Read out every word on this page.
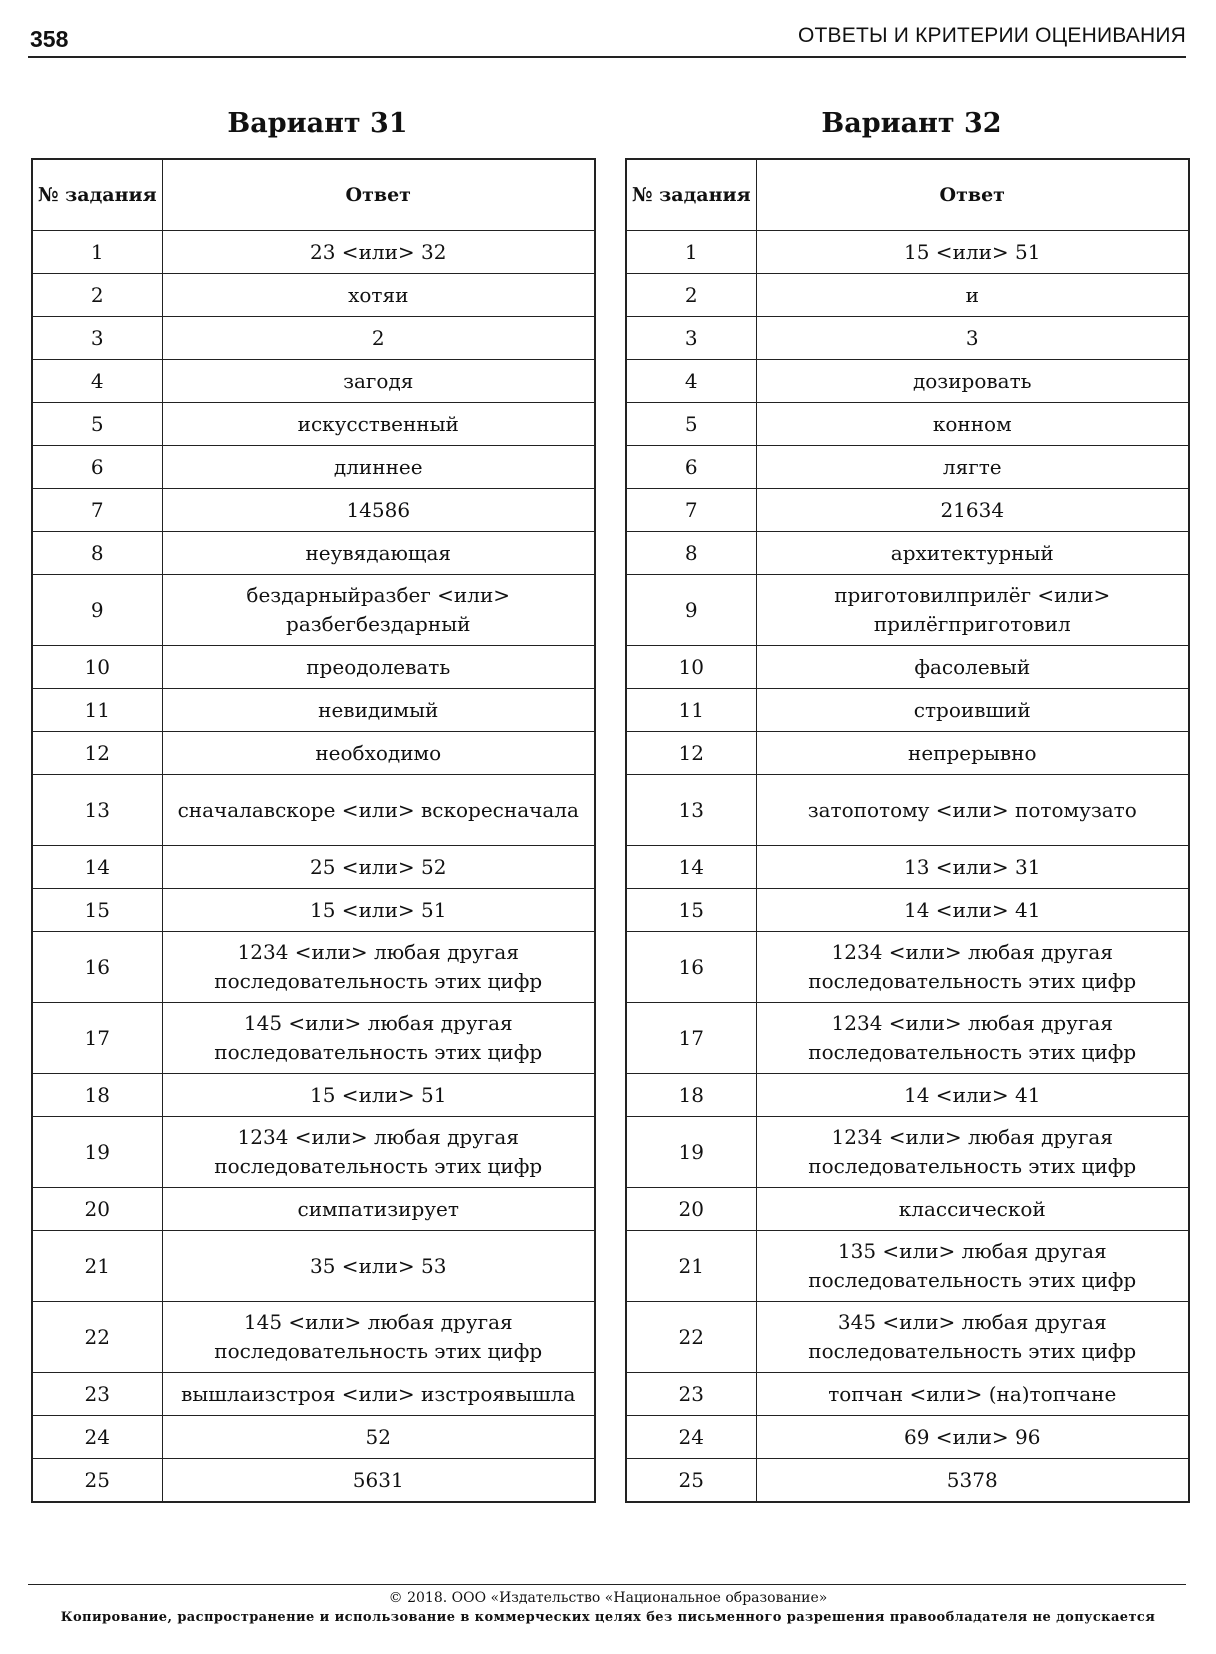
358	ОТВЕТЫ И КРИТЕРИИ ОЦЕНИВАНИЯ
Вариант 31
№ задания	Ответ
1	23 <или> 32
2	хотяи
3	2
4	загодя
5	искусственный
6	длиннее
7	14586
8	неувядающая
9	бездарныйразбег <или> разбегбездарный
10	преодолевать
11	невидимый
12	необходимо
13	сначалавскоре <или> вскоресначала
14	25 <или> 52
15	15 <или> 51
16	1234 <или> любая другая последовательность этих цифр
17	145 <или> любая другая последовательность этих цифр
18	15 <или> 51
19	1234 <или> любая другая последовательность этих цифр
20	симпатизирует
21	35 <или> 53
22	145 <или> любая другая последовательность этих цифр
23	вышлаизстроя <или> изстроявышла
24	52
25	5631
Вариант 32
№ задания	Ответ
1	15 <или> 51
2	и
3	3
4	дозировать
5	конном
6	лягте
7	21634
8	архитектурный
9	приготовилприлёг <или> прилёгприготовил
10	фасолевый
11	строивший
12	непрерывно
13	затопотому <или> потомузато
14	13 <или> 31
15	14 <или> 41
16	1234 <или> любая другая последовательность этих цифр
17	1234 <или> любая другая последовательность этих цифр
18	14 <или> 41
19	1234 <или> любая другая последовательность этих цифр
20	классической
21	135 <или> любая другая последовательность этих цифр
22	345 <или> любая другая последовательность этих цифр
23	топчан <или> (на)топчане
24	69 <или> 96
25	5378
© 2018. ООО «Издательство «Национальное образование»
Копирование, распространение и использование в коммерческих целях без письменного разрешения правообладателя не допускается
